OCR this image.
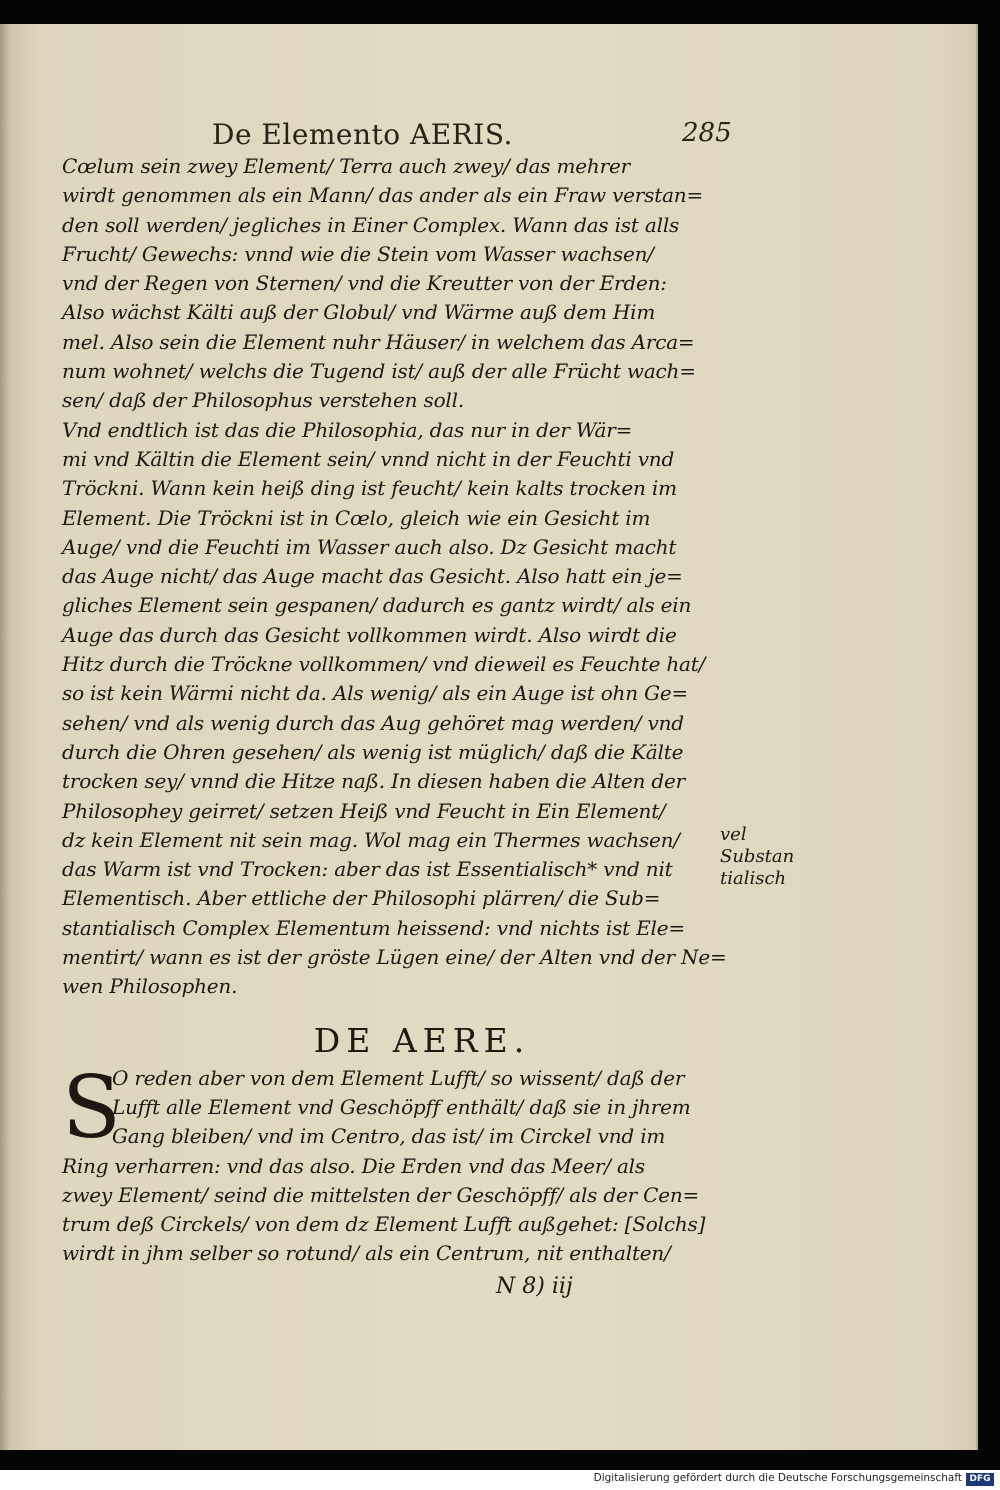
De Elemento AERIS.	285
Cœlum sein zwey Element/ Terra auch zwey/ das mehrer
wirdt genommen als ein Mann/ das ander als ein Fraw verstan=
den soll werden/ jegliches in Einer Complex. Wann das ist alls
Frucht/ Gewechs: vnnd wie die Stein vom Wasser wachsen/
vnd der Regen von Sternen/ vnd die Kreutter von der Erden:
Also wächst Kälti auß der Globul/ vnd Wärme auß dem Him
mel. Also sein die Element nuhr Häuser/ in welchem das Arca=
num wohnet/ welchs die Tugend ist/ auß der alle Frücht wach=
sen/ daß der Philosophus verstehen soll.
Vnd endtlich ist das die Philosophia, das nur in der Wär=
mi vnd Kältin die Element sein/ vnnd nicht in der Feuchti vnd
Tröckni. Wann kein heiß ding ist feucht/ kein kalts trocken im
Element. Die Tröckni ist in Cœlo, gleich wie ein Gesicht im
Auge/ vnd die Feuchti im Wasser auch also. Dz Gesicht macht
das Auge nicht/ das Auge macht das Gesicht. Also hatt ein je=
gliches Element sein gespanen/ dadurch es gantz wirdt/ als ein
Auge das durch das Gesicht vollkommen wirdt. Also wirdt die
Hitz durch die Tröckne vollkommen/ vnd dieweil es Feuchte hat/
so ist kein Wärmi nicht da. Als wenig/ als ein Auge ist ohn Ge=
sehen/ vnd als wenig durch das Aug gehöret mag werden/ vnd
durch die Ohren gesehen/ als wenig ist müglich/ daß die Kälte
trocken sey/ vnnd die Hitze naß. In diesen haben die Alten der
Philosophey geirret/ setzen Heiß vnd Feucht in Ein Element/
dz kein Element nit sein mag. Wol mag ein Thermes wachsen/
das Warm ist vnd Trocken: aber das ist Essentialisch* vnd nit
Elementisch. Aber ettliche der Philosophi plärren/ die Sub=
stantialisch Complex Elementum heissend: vnd nichts ist Ele=
mentirt/ wann es ist der gröste Lügen eine/ der Alten vnd der Ne=
wen Philosophen.
DE AERE.
S
O reden aber von dem Element Lufft/ so wissent/ daß der
Lufft alle Element vnd Geschöpff enthält/ daß sie in jhrem
Gang bleiben/ vnd im Centro, das ist/ im Circkel vnd im
Ring verharren: vnd das also. Die Erden vnd das Meer/ als
zwey Element/ seind die mittelsten der Geschöpff/ als der Cen=
trum deß Circkels/ von dem dz Element Lufft außgehet: [Solchs]
wirdt in jhm selber so rotund/ als ein Centrum, nit enthalten/
vel
Substan
tialisch
N 8) iij
Digitalisierung gefördert durch die Deutsche Forschungsgemeinschaft DFG
